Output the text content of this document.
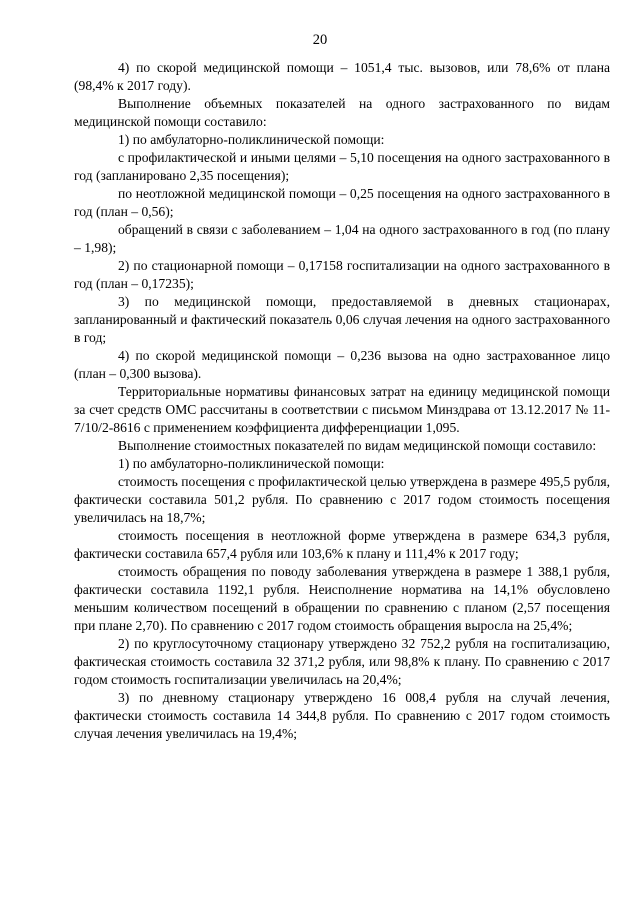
20

4) по скорой медицинской помощи – 1051,4 тыс. вызовов, или 78,6% от плана (98,4% к 2017 году).

Выполнение объемных показателей на одного застрахованного по видам медицинской помощи составило:

1) по амбулаторно-поликлинической помощи:

с профилактической и иными целями – 5,10 посещения на одного застрахованного в год (запланировано 2,35 посещения);

по неотложной медицинской помощи – 0,25 посещения на одного застрахованного в год (план – 0,56);

обращений в связи с заболеванием – 1,04 на одного застрахованного в год (по плану – 1,98);

2) по стационарной помощи – 0,17158 госпитализации на одного застрахованного в год (план – 0,17235);

3) по медицинской помощи, предоставляемой в дневных стационарах, запланированный и фактический показатель 0,06 случая лечения на одного застрахованного в год;

4) по скорой медицинской помощи – 0,236 вызова на одно застрахованное лицо (план – 0,300 вызова).

Территориальные нормативы финансовых затрат на единицу медицинской помощи за счет средств ОМС рассчитаны в соответствии с письмом Минздрава от 13.12.2017 № 11-7/10/2-8616 с применением коэффициента дифференциации 1,095.

Выполнение стоимостных показателей по видам медицинской помощи составило:

1) по амбулаторно-поликлинической помощи:

стоимость посещения с профилактической целью утверждена в размере 495,5 рубля, фактически составила 501,2 рубля. По сравнению с 2017 годом стоимость посещения увеличилась на 18,7%;

стоимость посещения в неотложной форме утверждена в размере 634,3 рубля, фактически составила 657,4 рубля или 103,6% к плану и 111,4% к 2017 году;

стоимость обращения по поводу заболевания утверждена в размере 1 388,1 рубля, фактически составила 1192,1 рубля. Неисполнение норматива на 14,1% обусловлено меньшим количеством посещений в обращении по сравнению с планом (2,57 посещения при плане 2,70). По сравнению с 2017 годом стоимость обращения выросла на 25,4%;

2) по круглосуточному стационару утверждено 32 752,2 рубля на госпитализацию, фактическая стоимость составила 32 371,2 рубля, или 98,8% к плану. По сравнению с 2017 годом стоимость госпитализации увеличилась на 20,4%;

3) по дневному стационару утверждено 16 008,4 рубля на случай лечения, фактически стоимость составила 14 344,8 рубля. По сравнению с 2017 годом стоимость случая лечения увеличилась на 19,4%;
